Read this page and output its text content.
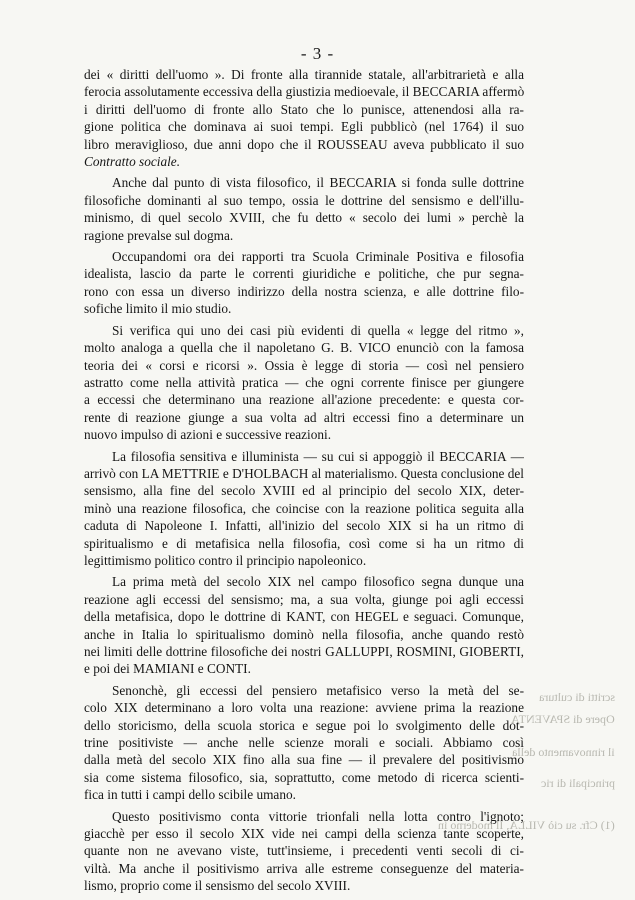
- 3 -

dei « diritti dell'uomo ». Di fronte alla tirannide statale, all'arbitrarietà e alla
ferocia assolutamente eccessiva della giustizia medioevale, il BECCARIA affermò
i diritti dell'uomo di fronte allo Stato che lo punisce, attenendosi alla ra-
gione politica che dominava ai suoi tempi. Egli pubblicò (nel 1764) il suo
libro meraviglioso, due anni dopo che il ROUSSEAU aveva pubblicato il suo
Contratto sociale.

Anche dal punto di vista filosofico, il BECCARIA si fonda sulle dottrine
filosofiche dominanti al suo tempo, ossia le dottrine del sensismo e dell'illu-
minismo, di quel secolo XVIII, che fu detto « secolo dei lumi » perchè la
ragione prevalse sul dogma.

Occupandomi ora dei rapporti tra Scuola Criminale Positiva e filosofia
idealista, lascio da parte le correnti giuridiche e politiche, che pur segna-
rono con essa un diverso indirizzo della nostra scienza, e alle dottrine filo-
sofiche limito il mio studio.

Si verifica qui uno dei casi più evidenti di quella « legge del ritmo »,
molto analoga a quella che il napoletano G. B. VICO enunciò con la famosa
teoria dei « corsi e ricorsi ». Ossia è legge di storia — così nel pensiero
astratto come nella attività pratica — che ogni corrente finisce per giungere
a eccessi che determinano una reazione all'azione precedente: e questa cor-
rente di reazione giunge a sua volta ad altri eccessi fino a determinare un
nuovo impulso di azioni e successive reazioni.

La filosofia sensitiva e illuminista — su cui si appoggiò il BECCARIA —
arrivò con LA METTRIE e D'HOLBACH al materialismo. Questa conclusione del
sensismo, alla fine del secolo XVIII ed al principio del secolo XIX, deter-
minò una reazione filosofica, che coincise con la reazione politica seguita alla
caduta di Napoleone I. Infatti, all'inizio del secolo XIX si ha un ritmo di
spiritualismo e di metafisica nella filosofia, così come si ha un ritmo di
legittimismo politico contro il principio napoleonico.

La prima metà del secolo XIX nel campo filosofico segna dunque una
reazione agli eccessi del sensismo; ma, a sua volta, giunge poi agli eccessi
della metafisica, dopo le dottrine di KANT, con HEGEL e seguaci. Comunque,
anche in Italia lo spiritualismo dominò nella filosofia, anche quando restò
nei limiti delle dottrine filosofiche dei nostri GALLUPPI, ROSMINI, GIOBERTI,
e poi dei MAMIANI e CONTI.

Senonchè, gli eccessi del pensiero metafisico verso la metà del se-
colo XIX determinano a loro volta una reazione: avviene prima la reazione
dello storicismo, della scuola storica e segue poi lo svolgimento delle dot-
trine positiviste — anche nelle scienze morali e sociali. Abbiamo così
dalla metà del secolo XIX fino alla sua fine — il prevalere del positivismo
sia come sistema filosofico, sia, soprattutto, come metodo di ricerca scienti-
fica in tutti i campi dello scibile umano.

Questo positivismo conta vittorie trionfali nella lotta contro l'ignoto;
giacchè per esso il secolo XIX vide nei campi della scienza tante scoperte,
quante non ne avevano viste, tutt'insieme, i precedenti venti secoli di ci-
viltà. Ma anche il positivismo arriva alle estreme conseguenze del materia-
lismo, proprio come il sensismo del secolo XVIII.

scritti di cultura
Opere di SPAVENTA
il rinnovamento della
principali di ric
(1) Cfr. su ciò VILLA, Il moderno in
